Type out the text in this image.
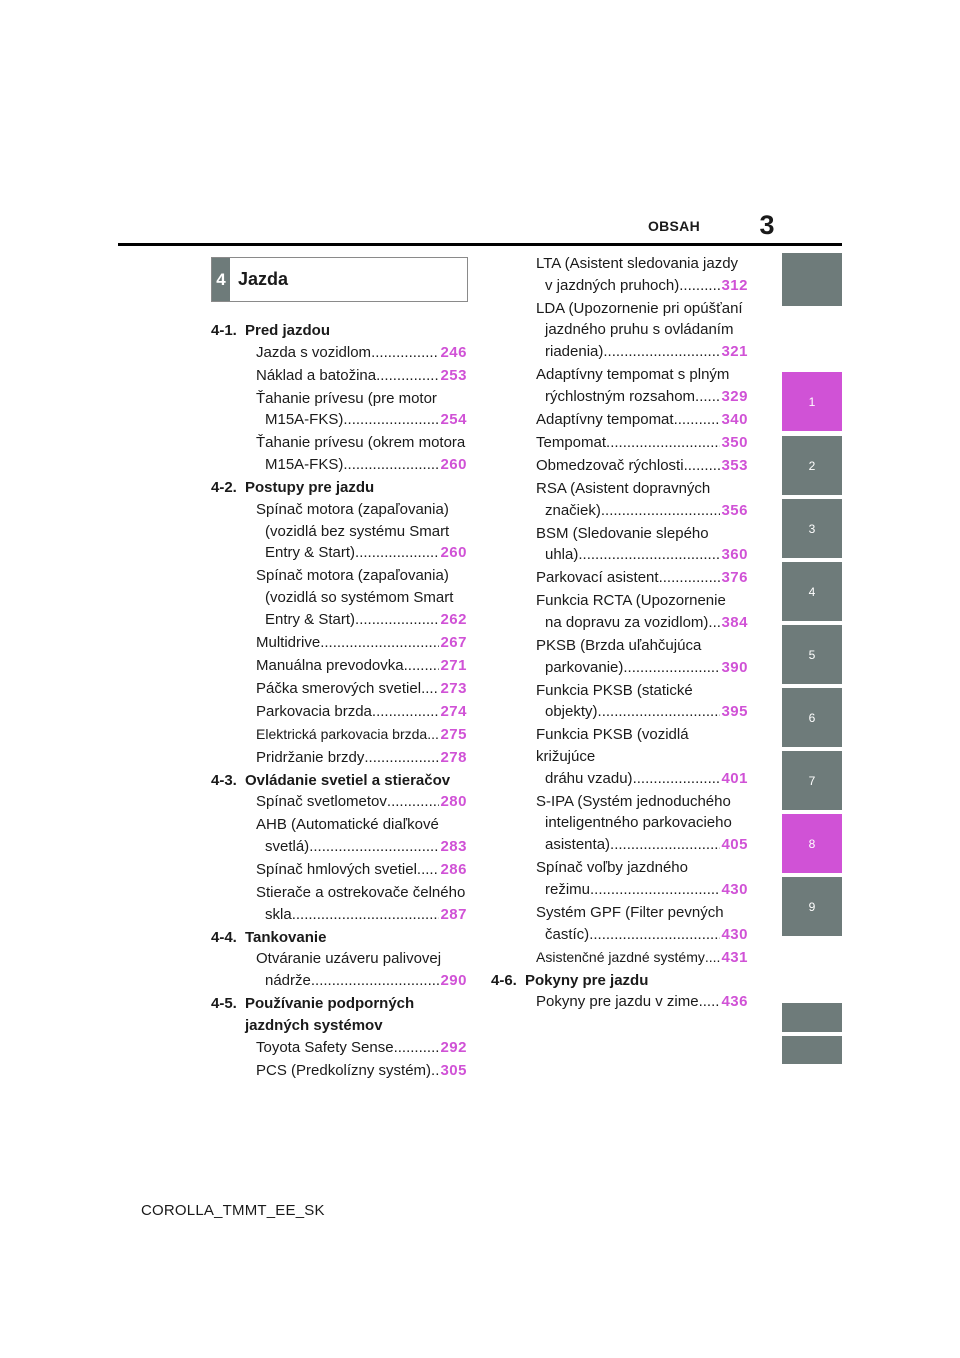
OBSAH 3
4 Jazda
4-1. Pred jazdou
Jazda s vozidlom .....	246
Náklad a batožina .....	253
Ťahanie prívesu (pre motor
M15A-FKS) .....	254
Ťahanie prívesu (okrem motora
M15A-FKS) .....	260
4-2. Postupy pre jazdu
Spínač motora (zapaľovania)
(vozidlá bez systému Smart
Entry & Start) .....	260
Spínač motora (zapaľovania)
(vozidlá so systémom Smart
Entry & Start) .....	262
Multidrive .....	267
Manuálna prevodovka ..... 271
Páčka smerových svetiel ..... 273
Parkovacia brzda .....	274
Elektrická parkovacia brzda ..... 275
Pridržanie brzdy .....	278
4-3. Ovládanie svetiel a stieračov
Spínač svetlometov .....	280
AHB (Automatické diaľkové
svetlá) .....	283
Spínač hmlových svetiel ..... 286
Stierače a ostrekovače čelného
skla .....	287
4-4. Tankovanie
Otváranie uzáveru palivovej
nádrže .....	290
4-5. Používanie podporných jazdných systémov
Toyota Safety Sense .....	292
PCS (Predkolízny systém) ..... 305
LTA (Asistent sledovania jazdy
v jazdných pruhoch) .....	312
LDA (Upozornenie pri opúšťaní
jazdného pruhu s ovládaním
riadenia) .....	321
Adaptívny tempomat s plným
rýchlostným rozsahom ..... 329
Adaptívny tempomat .....	340
Tempomat .....	350
Obmedzovač rýchlosti .....	353
RSA (Asistent dopravných
značiek) .....	356
BSM (Sledovanie slepého
uhla) .....	360
Parkovací asistent .....	376
Funkcia RCTA (Upozornenie
na dopravu za vozidlom) ..... 384
PKSB (Brzda uľahčujúca
parkovanie) .....	390
Funkcia PKSB (statické
objekty) .....	395
Funkcia PKSB (vozidlá križujúce
dráhu vzadu) .....	401
S-IPA (Systém jednoduchého
inteligentného parkovacieho
asistenta) .....	405
Spínač voľby jazdného
režimu .....	430
Systém GPF (Filter pevných
častíc) .....	430
Asistenčné jazdné systémy ..... 431
4-6. Pokyny pre jazdu
Pokyny pre jazdu v zime ..... 436
1
2
3
4
5
6
7
8
9
COROLLA_TMMT_EE_SK
